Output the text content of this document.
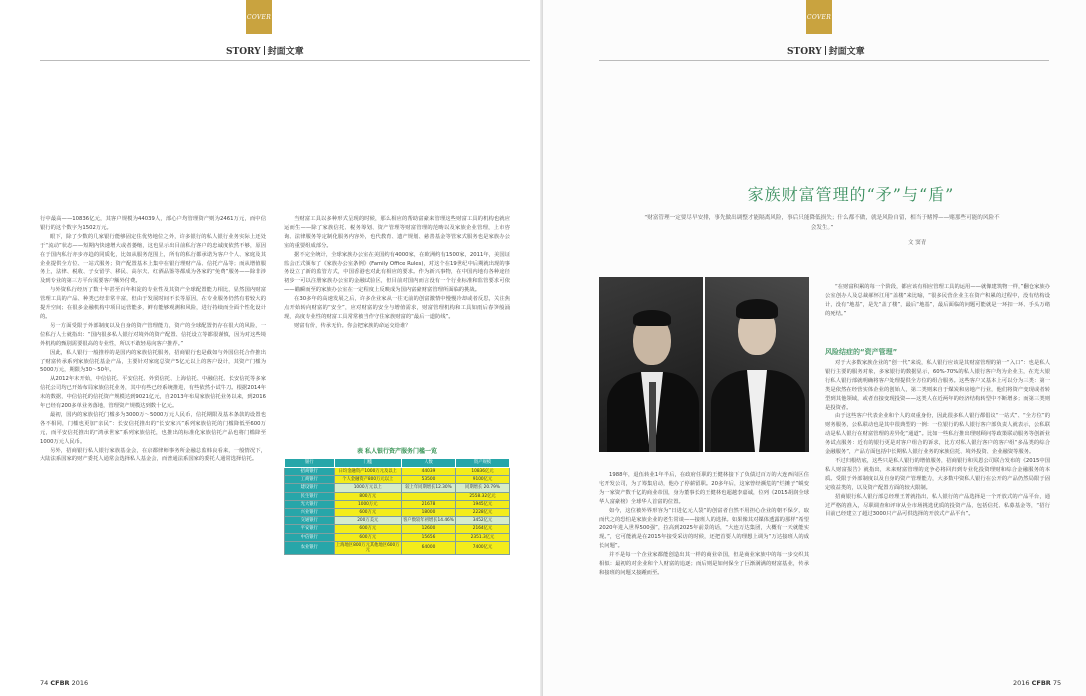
COVER
STORY 封面文章

行中最高——10836亿元，其客户规模为44039人，部心户均管理资产则为2461万元，而中信银行的这个数字为1502万元。

眼下，除了少数的几家银行能够固定住优势地位之外，许多银行的私人银行业务实际上还处于“流动”状态——短期内快速增大或者萎缩，这也显示出目前私行客户的忠诚度依然不够，原因在于国内私行亦步亦趋的同质化，比如从服务范围上，所有的私行都承诺为客户个人、家庭及其企业提供全方位、一站式服务；资产配置基本上集中在银行理财产品、信托产品等；而从增值服务上，法律、税收、子女留学、移民、高尔夫、红酒品鉴等都成为各家的“免费”服务——除非涉及到专业的第三方平台需要客户额外付费。

与外资私行经历了数十年甚至百年积淀的专业性及其资产全球配置能力相比，显然国内财富管理工具的产品、种类已经非常丰富，但由于发展时间不长等原因，在专业服务仍然有着较大的提升空间；在很多金融机构中项目运营能多，鲜有能够观测和风险，进行持续而全面个性化设计的。

另一方面受限于外部制度以及自身的资产管理能力，资产的全球配置仍存在很大的风险，一位私行人士就指出：“国内很多私人银行对境外的资产配置、信托设立等都很谨慎，因为对这些境外机构的甄别需要很高的专业性，所以不敢轻易向客户推荐。”

因此，私人银行一般推荐的是国内的家族信托服务，招商银行也是截如与外国信托合作推出了财富传承系列家族信托基金产品，主要针对家庭总资产5亿元以上的客户设计，其资产门槛为5000万元，期限为30～50年。

从2012年末开始，中信信托、平安信托、外贸信托、上海信托、中融信托、长安信托等多家信托公司均已开始布局家族信托业务，其中有些已经系统推进，有些依然小试牛刀。根据2014年末的数据，中信信托的信托资产规模达到9021亿元，自2013年布局家族信托业务以来，到2016年已经有200多单业务落地，管理资产规模达到数十亿元。

最初，国内的家族信托门槛多为3000万～5000万元人民币，信托期限及基本条款的设置也各不相同，门槛也更加“亲民”：长安信托推出的“长安家兴”系列家族信托的门槛降低至600万元，而平安信托推出的“鸿承世家”系列家族信托，也推出的标准化家族信托产品也将门槛降至1000万元人民币。

另外，招商银行私人银行家族基金会，在京都律师事务所金融总监韩良看来，一般情况下，大陆法系国家的财产委托人通常会选择私人基金会，而普通法系国家的委托人通常选择信托。

当财富工具以多种形式呈现的时候，那么相应的帮助富豪来管理这些财富工具的机构也就应运而生——除了家族信托、税务筹划、资产管理等财富管理的范畴以及家族企业管理，上市咨询、法律服务等定制化服务内容外，也代教育、遗产规划、慈善基金等管家式服务也是家族办公室的重要组成部分。

据不完全统计，全球家族办公室在美国约有4000家，在欧洲约有1500家，2011年，美国证监会正式颁布了《家族办公室条例》(Family Office Rules)，对这个在19世纪中后期就出现的事务设立了新的监管方式，中国香港也对此有相应的要求。作为新兴事物，在中国内地有各种途径初步一可以注册家族办公室的金融试验区，但目前对国内而言没有一个行业标准和监管要求可依——瞄瞬而至的家族办公室在一定程度上反映成为国内富豪财富管理所面临的挑战。

在30多年的高速发展之后，许多企业家从一往无前的创富激情中慢慢冷却或者反思，关注焦点开始转向财富的“安全”，应对财富的安全与增值需求，财富管理机构和工具如雨后春笋般涌现，高度专业性的财富工具常常被当作守住家族财富的“最后一道防线”。

财富有价，传承无价。你会把家族的命运交给谁？

表 私人银行资产服务门槛一览
银行	门槛	人数	资产规模
招商银行	日均金融资产1000万元及以上	44039	10836亿元
工商银行	个人金融资产800万元以上	53500	9100亿元
建设银行	1000万元以上	较上年同期增长12.30%	同期增长 20.79%
民生银行	800万元		2558.32亿元
光大银行	1000万元	21678	1945亿元
兴业银行	600万元	18000	2228亿元
交通银行	200万美元	客户数较年初增长14.46%	3452亿元
平安银行	600万元	12600	2164亿元
中信银行	600万元	15656	2351.3亿元
农业银行	上海地区800万元其他地区600万元	64000	7400亿元
74 CFBR 2016
COVER
STORY 封面文章
家族财富管理的“矛”与“盾”
“财富管理一定要尽早安排，事先做出调整才能隔离风险，事后只能降低损失；什么都不做，就是风险自留，相当于赌博——赌那些可能的风险不会发生。”
文 窦青

1988年，退伍转业1年半后，在政府任职的王健林接下了负债过百万的大连西岗区住宅开发公司，为了筹集启动，他办了停薪留职。20多年后，这家曾经濒危的“烂摊子”蜕变为一家资产数千亿的商业帝国，身为董事长的王健林也超越李嘉诚，位列《2015胡润全球华人富豪榜》全球华人首富的位置。

如今，这位被外界形容为“日进亿元人袋”的创富者自然不用担心企业的朝不保夕，取而代之的恐怕是家族企业的老生常谈——接班人的选择。如果像其对媒体透露的那样“希望2020年进入世界500强”，拉高到2025年前景的话，“大连万达集团，大概有一天就能实现。”，它可能就是在2015年接受采访的时候，还把首要人的理想上调为“万达接班人的成长问题”。

并不是每一个企业家都能创造出其一样的商业帝国，但是商业家族中的每一步交织其相似：最初的对企业和个人财富的追逐；而后则是如何保全了巨渐满满的财富基业，传承和接班的问题又接踵而至。

“在财富积累的每一个阶段，都应该有相应管理工具的运用——就像建筑物一样，”翻仓家族办公室创办人及总裁郝怀江用“盖楼”来比喻，“很多民营企业主在资产积累的过程中，没有结构设计，没有“地基”，是先“盖了楼”，最后“地基”，最后面临的问题可能就是一环扣一环、手头万绪的死结。”

风险结症的“资产管理”

对于大多数家族企业的“创一代”来说，私人银行应该是其财富管理的第一“入口”：也是私人银行主要的服务对象，多家银行的数据显示，60%-70%的私人银行客户均为企业主，在光大银行私人银行部就明确将客户处理提供全方位的组合服务。这些客户又基本上可以分为三类：第一类是依然在经营实体企业的创始人，第二类则来自于煤炭和房地产行业，他们将资产变现或者转型到其他领域，或者直接变现投资——这类人在近两年的经济结构转型中不断增多；而第三类则是投资者。

由于这些客户代表企业和个人的双重身份，因此很多私人银行都倡议“一站式”、“全方位”的财务服务，公私联动也是其中很典型的一例：一位银行的私人银行客户部负责人就表示，公私联动是私人银行在财富管理的差异化“通道”。比如一些私行推出理财顾问等政策联动服务等创新业务试点服务：近有的银行更是对客户组合的诉求，比方对私人银行客户的客户组“多品类的综合金融服务”，产品方面包括中长期私人银行业务的家族信托、境外投资、企业融资等服务。

不过归根结底，这些只是私人银行的增值服务，招商银行和贝恩公司联合发布的《2015中国私人财富报告》就指出，未来财富管理的竞争必将回归到专业化投资理财和综合金融服务的本质。受限于外部制度以及自身的资产管理能力，大多数中资私人银行在公开的产品仍然局限于固定收益类的，以及资产配置方面的较大限制。

招商银行私人银行部总经理王菁就指出，私人银行的产品选择是一个开放式的产品平台，通过严格的准入，尽职调查和评审从全市场挑选优质的投资产品，包括信托、私募基金等，“招行目前已经建立了超过3000只产品可供选择的开放式产品平台”。

2016 CFBR 75
